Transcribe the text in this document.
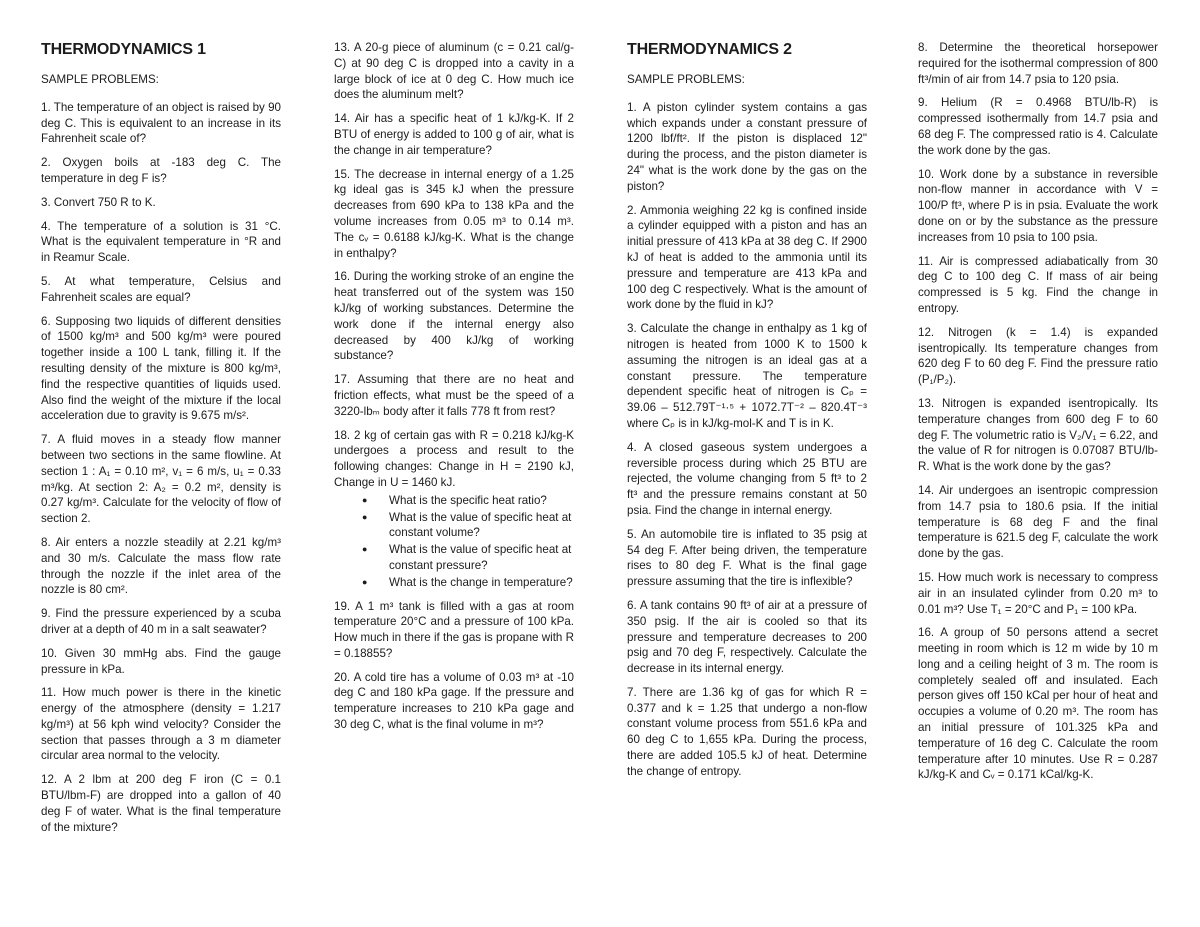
THERMODYNAMICS 1
SAMPLE PROBLEMS:

1. The temperature of an object is raised by 90 deg C. This is equivalent to an increase in its Fahrenheit scale of?

2. Oxygen boils at -183 deg C. The temperature in deg F is?

3. Convert 750 R to K.

4. The temperature of a solution is 31 °C. What is the equivalent temperature in °R and in Reamur Scale.

5. At what temperature, Celsius and Fahrenheit scales are equal?

6. Supposing two liquids of different densities of 1500 kg/m³ and 500 kg/m³ were poured together inside a 100 L tank, filling it. If the resulting density of the mixture is 800 kg/m³, find the respective quantities of liquids used. Also find the weight of the mixture if the local acceleration due to gravity is 9.675 m/s².

7. A fluid moves in a steady flow manner between two sections in the same flowline. At section 1 : A₁ = 0.10 m², v₁ = 6 m/s, u₁ = 0.33 m³/kg. At section 2: A₂ = 0.2 m², density is 0.27 kg/m³. Calculate for the velocity of flow of section 2.

8. Air enters a nozzle steadily at 2.21 kg/m³ and 30 m/s. Calculate the mass flow rate through the nozzle if the inlet area of the nozzle is 80 cm².

9. Find the pressure experienced by a scuba driver at a depth of 40 m in a salt seawater?

10. Given 30 mmHg abs. Find the gauge pressure in kPa.

11. How much power is there in the kinetic energy of the atmosphere (density = 1.217 kg/m³) at 56 kph wind velocity? Consider the section that passes through a 3 m diameter circular area normal to the velocity.

12. A 2 lbm at 200 deg F iron (C = 0.1 BTU/lbm-F) are dropped into a gallon of 40 deg F of water. What is the final temperature of the mixture?

13. A 20-g piece of aluminum (c = 0.21 cal/g-C) at 90 deg C is dropped into a cavity in a large block of ice at 0 deg C. How much ice does the aluminum melt?

14. Air has a specific heat of 1 kJ/kg-K. If 2 BTU of energy is added to 100 g of air, what is the change in air temperature?

15. The decrease in internal energy of a 1.25 kg ideal gas is 345 kJ when the pressure decreases from 690 kPa to 138 kPa and the volume increases from 0.05 m³ to 0.14 m³. The cᵥ = 0.6188 kJ/kg-K. What is the change in enthalpy?

16. During the working stroke of an engine the heat transferred out of the system was 150 kJ/kg of working substances. Determine the work done if the internal energy also decreased by 400 kJ/kg of working substance?

17. Assuming that there are no heat and friction effects, what must be the speed of a 3220-lbₘ body after it falls 778 ft from rest?

18. 2 kg of certain gas with R = 0.218 kJ/kg-K undergoes a process and result to the following changes: Change in H = 2190 kJ, Change in U = 1460 kJ.

● What is the specific heat ratio?
● What is the value of specific heat at constant volume?
● What is the value of specific heat at constant pressure?
● What is the change in temperature?

19. A 1 m³ tank is filled with a gas at room temperature 20°C and a pressure of 100 kPa. How much in there if the gas is propane with R = 0.18855?

20. A cold tire has a volume of 0.03 m³ at -10 deg C and 180 kPa gage. If the pressure and temperature increases to 210 kPa gage and 30 deg C, what is the final volume in m³?

THERMODYNAMICS 2
SAMPLE PROBLEMS:

1. A piston cylinder system contains a gas which expands under a constant pressure of 1200 lbf/ft². If the piston is displaced 12" during the process, and the piston diameter is 24" what is the work done by the gas on the piston?

2. Ammonia weighing 22 kg is confined inside a cylinder equipped with a piston and has an initial pressure of 413 kPa at 38 deg C. If 2900 kJ of heat is added to the ammonia until its pressure and temperature are 413 kPa and 100 deg C respectively. What is the amount of work done by the fluid in kJ?

3. Calculate the change in enthalpy as 1 kg of nitrogen is heated from 1000 K to 1500 k assuming the nitrogen is an ideal gas at a constant pressure. The temperature dependent specific heat of nitrogen is Cₚ = 39.06 – 512.79T⁻¹·⁵ + 1072.7T⁻² – 820.4T⁻³ where Cₚ is in kJ/kg-mol-K and T is in K.

4. A closed gaseous system undergoes a reversible process during which 25 BTU are rejected, the volume changing from 5 ft³ to 2 ft³ and the pressure remains constant at 50 psia. Find the change in internal energy.

5. An automobile tire is inflated to 35 psig at 54 deg F. After being driven, the temperature rises to 80 deg F. What is the final gage pressure assuming that the tire is inflexible?

6. A tank contains 90 ft³ of air at a pressure of 350 psig. If the air is cooled so that its pressure and temperature decreases to 200 psig and 70 deg F, respectively. Calculate the decrease in its internal energy.

7. There are 1.36 kg of gas for which R = 0.377 and k = 1.25 that undergo a non-flow constant volume process from 551.6 kPa and 60 deg C to 1,655 kPa. During the process, there are added 105.5 kJ of heat. Determine the change of entropy.

8. Determine the theoretical horsepower required for the isothermal compression of 800 ft³/min of air from 14.7 psia to 120 psia.

9. Helium (R = 0.4968 BTU/lb-R) is compressed isothermally from 14.7 psia and 68 deg F. The compressed ratio is 4. Calculate the work done by the gas.

10. Work done by a substance in reversible non-flow manner in accordance with V = 100/P ft³, where P is in psia. Evaluate the work done on or by the substance as the pressure increases from 10 psia to 100 psia.

11. Air is compressed adiabatically from 30 deg C to 100 deg C. If mass of air being compressed is 5 kg. Find the change in entropy.

12. Nitrogen (k = 1.4) is expanded isentropically. Its temperature changes from 620 deg F to 60 deg F. Find the pressure ratio (P₁/P₂).

13. Nitrogen is expanded isentropically. Its temperature changes from 600 deg F to 60 deg F. The volumetric ratio is V₂/V₁ = 6.22, and the value of R for nitrogen is 0.07087 BTU/lb-R. What is the work done by the gas?

14. Air undergoes an isentropic compression from 14.7 psia to 180.6 psia. If the initial temperature is 68 deg F and the final temperature is 621.5 deg F, calculate the work done by the gas.

15. How much work is necessary to compress air in an insulated cylinder from 0.20 m³ to 0.01 m³? Use T₁ = 20°C and P₁ = 100 kPa.

16. A group of 50 persons attend a secret meeting in room which is 12 m wide by 10 m long and a ceiling height of 3 m. The room is completely sealed off and insulated. Each person gives off 150 kCal per hour of heat and occupies a volume of 0.20 m³. The room has an initial pressure of 101.325 kPa and temperature of 16 deg C. Calculate the room temperature after 10 minutes. Use R = 0.287 kJ/kg-K and Cᵥ = 0.171 kCal/kg-K.
